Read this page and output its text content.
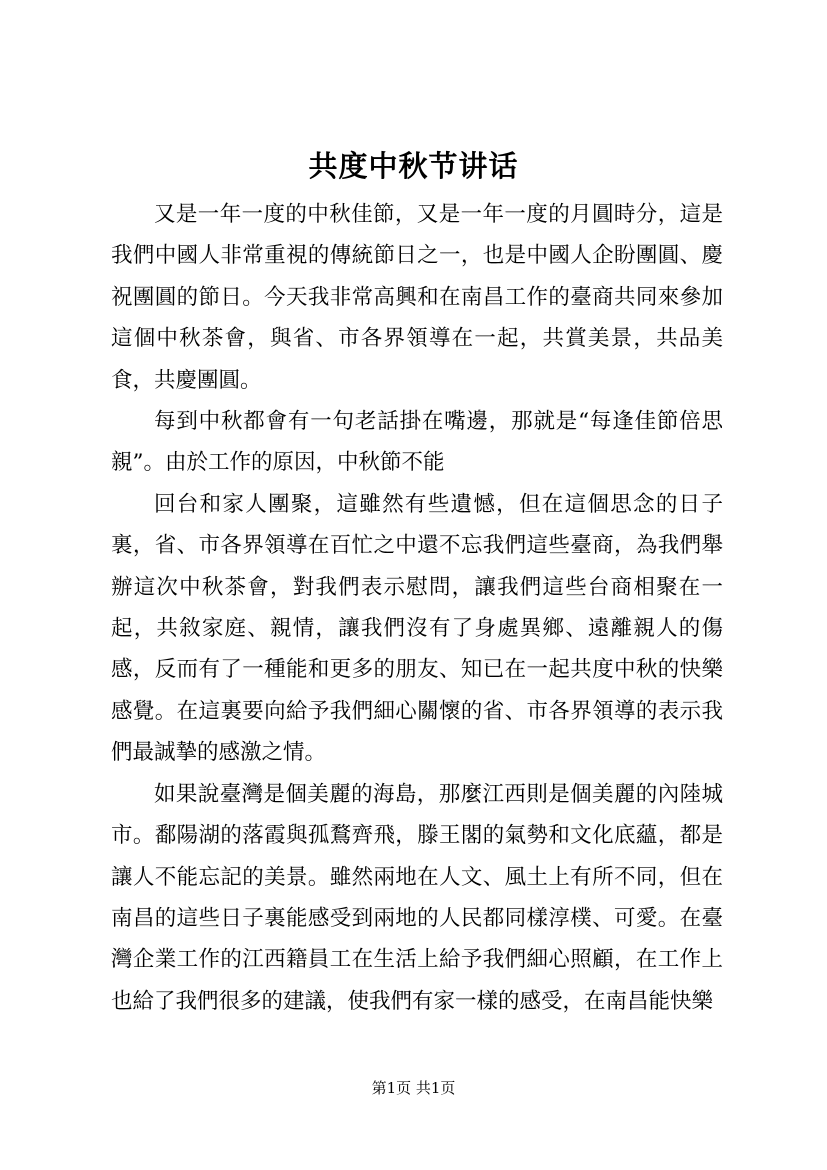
共度中秋节讲话

又是一年一度的中秋佳節，又是一年一度的月圓時分，這是我們中國人非常重視的傳統節日之一，也是中國人企盼團圓、慶祝團圓的節日。今天我非常高興和在南昌工作的臺商共同來參加這個中秋茶會，與省、市各界領導在一起，共賞美景，共品美食，共慶團圓。

每到中秋都會有一句老話掛在嘴邊，那就是“每逢佳節倍思親”。由於工作的原因，中秋節不能

回台和家人團聚，這雖然有些遺憾，但在這個思念的日子裏，省、市各界領導在百忙之中還不忘我們這些臺商，為我們舉辦這次中秋茶會，對我們表示慰問，讓我們這些台商相聚在一起，共敘家庭、親情，讓我們沒有了身處異鄉、遠離親人的傷感，反而有了一種能和更多的朋友、知已在一起共度中秋的快樂感覺。在這裏要向給予我們細心關懷的省、市各界領導的表示我們最誠摯的感激之情。

如果說臺灣是個美麗的海島，那麼江西則是個美麗的內陸城市。鄱陽湖的落霞與孤鶩齊飛，滕王閣的氣勢和文化底蘊，都是讓人不能忘記的美景。雖然兩地在人文、風土上有所不同，但在南昌的這些日子裏能感受到兩地的人民都同樣淳樸、可愛。在臺灣企業工作的江西籍員工在生活上給予我們細心照顧，在工作上也給了我們很多的建議，使我們有家一樣的感受，在南昌能快樂

第1页 共1页
